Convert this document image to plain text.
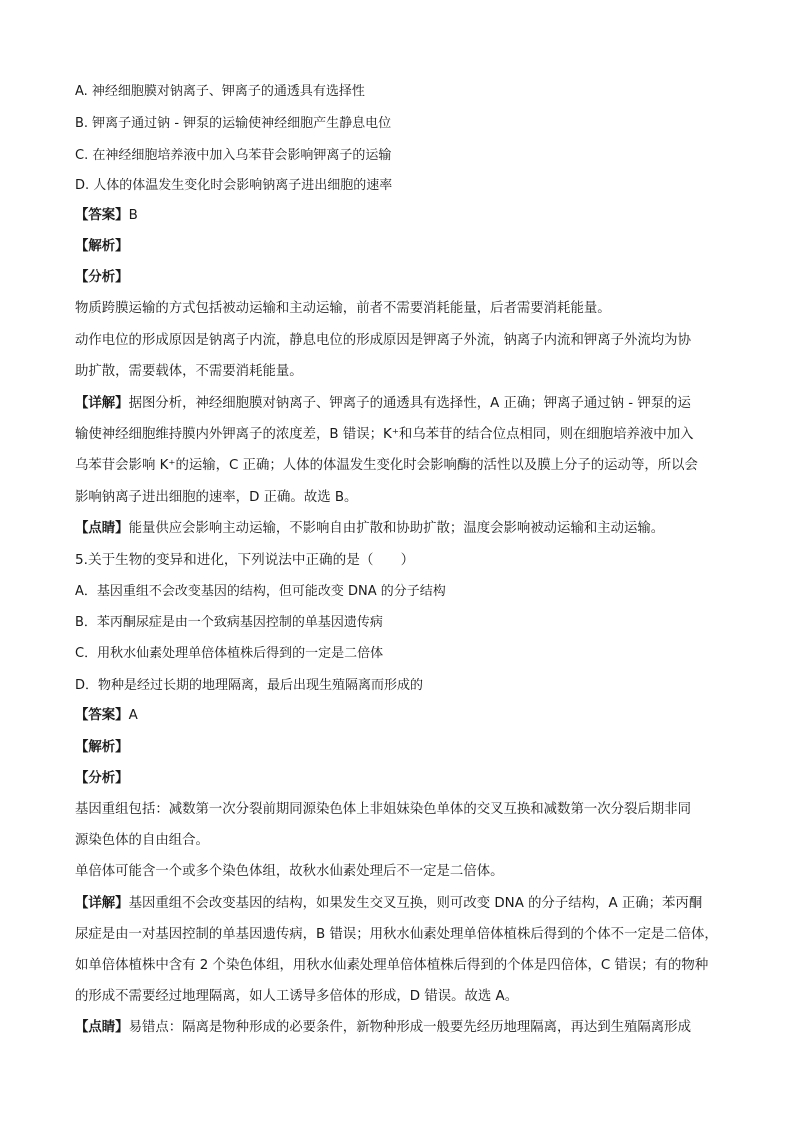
A. 神经细胞膜对钠离子、钾离子的通透具有选择性
B. 钾离子通过钠 - 钾泵的运输使神经细胞产生静息电位
C. 在神经细胞培养液中加入乌苯苷会影响钾离子的运输
D. 人体的体温发生变化时会影响钠离子进出细胞的速率
【答案】B
【解析】
【分析】
物质跨膜运输的方式包括被动运输和主动运输，前者不需要消耗能量，后者需要消耗能量。
动作电位的形成原因是钠离子内流，静息电位的形成原因是钾离子外流，钠离子内流和钾离子外流均为协
助扩散，需要载体，不需要消耗能量。
【详解】据图分析，神经细胞膜对钠离子、钾离子的通透具有选择性，A 正确；钾离子通过钠 - 钾泵的运
输使神经细胞维持膜内外钾离子的浓度差，B 错误；K⁺和乌苯苷的结合位点相同，则在细胞培养液中加入
乌苯苷会影响 K⁺的运输，C 正确；人体的体温发生变化时会影响酶的活性以及膜上分子的运动等，所以会
影响钠离子进出细胞的速率，D 正确。故选 B。
【点睛】能量供应会影响主动运输，不影响自由扩散和协助扩散；温度会影响被动运输和主动运输。
5.关于生物的变异和进化，下列说法中正确的是（　　）
A．基因重组不会改变基因的结构，但可能改变 DNA 的分子结构
B．苯丙酮尿症是由一个致病基因控制的单基因遗传病
C．用秋水仙素处理单倍体植株后得到的一定是二倍体
D．物种是经过长期的地理隔离，最后出现生殖隔离而形成的
【答案】A
【解析】
【分析】
基因重组包括：减数第一次分裂前期同源染色体上非姐妹染色单体的交叉互换和减数第一次分裂后期非同
源染色体的自由组合。
单倍体可能含一个或多个染色体组，故秋水仙素处理后不一定是二倍体。
【详解】基因重组不会改变基因的结构，如果发生交叉互换，则可改变 DNA 的分子结构，A 正确；苯丙酮
尿症是由一对基因控制的单基因遗传病，B 错误；用秋水仙素处理单倍体植株后得到的个体不一定是二倍体，
如单倍体植株中含有 2 个染色体组，用秋水仙素处理单倍体植株后得到的个体是四倍体，C 错误；有的物种
的形成不需要经过地理隔离，如人工诱导多倍体的形成，D 错误。故选 A。
【点睛】易错点：隔离是物种形成的必要条件，新物种形成一般要先经历地理隔离，再达到生殖隔离形成
